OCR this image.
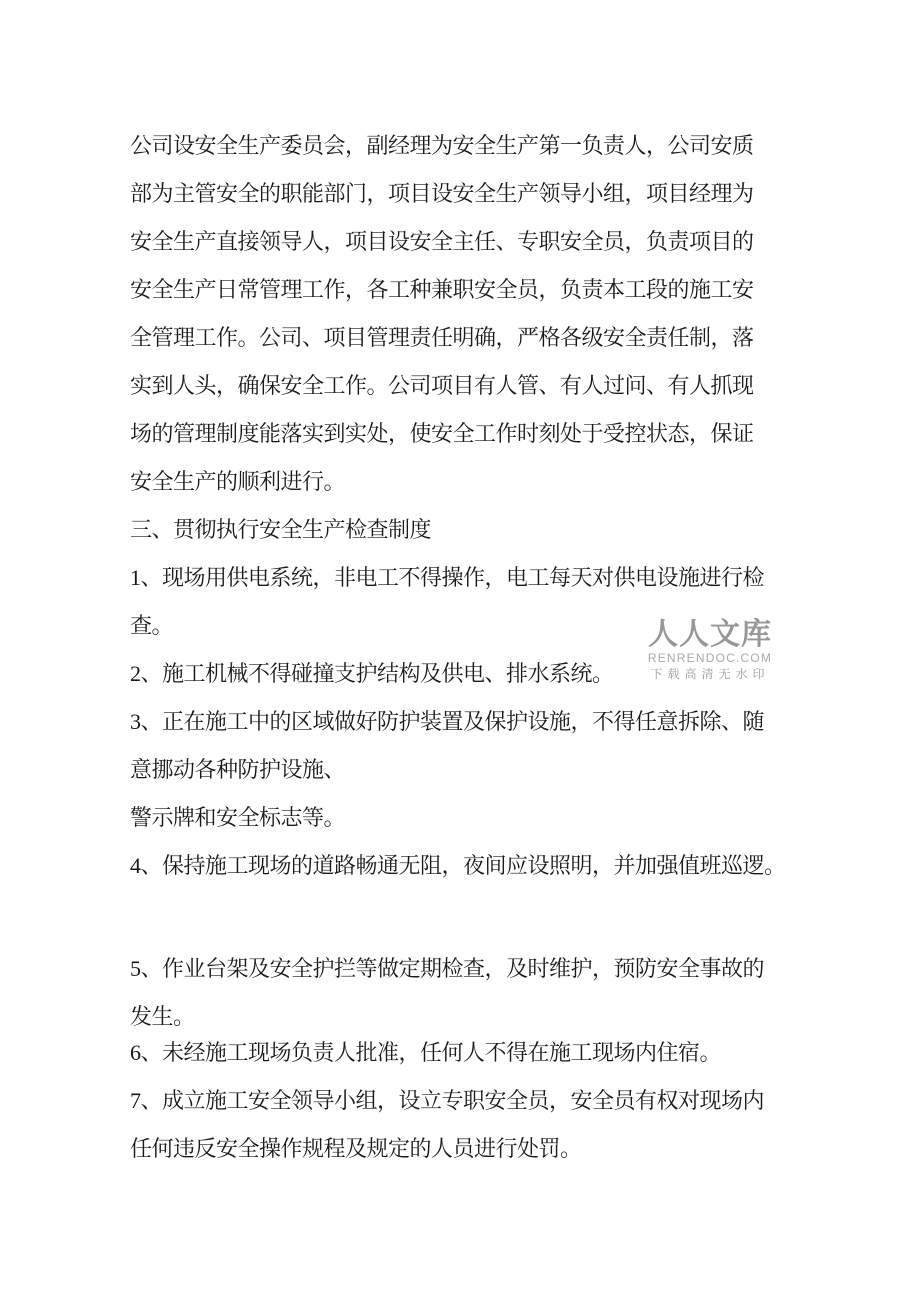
公司设安全生产委员会，副经理为安全生产第一负责人，公司安质
部为主管安全的职能部门，项目设安全生产领导小组，项目经理为
安全生产直接领导人，项目设安全主任、专职安全员，负责项目的
安全生产日常管理工作，各工种兼职安全员，负责本工段的施工安
全管理工作。公司、项目管理责任明确，严格各级安全责任制，落
实到人头，确保安全工作。公司项目有人管、有人过问、有人抓现
场的管理制度能落实到实处，使安全工作时刻处于受控状态，保证
安全生产的顺利进行。
三、贯彻执行安全生产检查制度
1、现场用供电系统，非电工不得操作，电工每天对供电设施进行检
查。
2、施工机械不得碰撞支护结构及供电、排水系统。
3、正在施工中的区域做好防护装置及保护设施，不得任意拆除、随
意挪动各种防护设施、
警示牌和安全标志等。
4、保持施工现场的道路畅通无阻，夜间应设照明，并加强值班巡逻。
5、作业台架及安全护拦等做定期检查，及时维护，预防安全事故的
发生。
6、未经施工现场负责人批准，任何人不得在施工现场内住宿。
7、成立施工安全领导小组，设立专职安全员，安全员有权对现场内
任何违反安全操作规程及规定的人员进行处罚。
人人文库
RENRENDOC.COM
下载高清无水印
